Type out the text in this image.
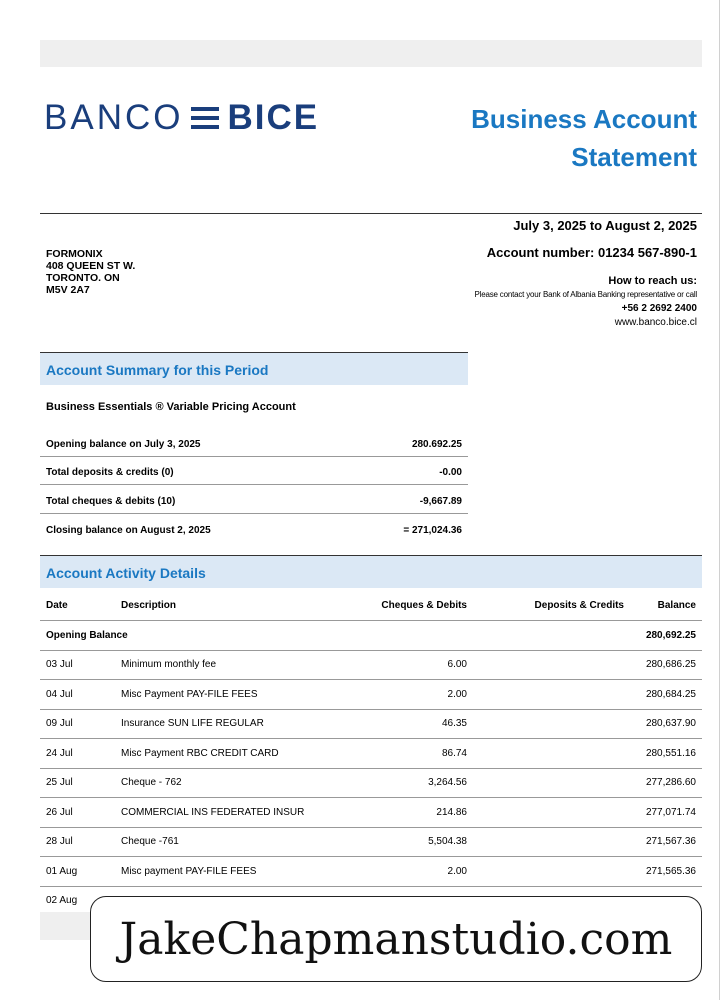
BANCO BICE	Business Account
Statement
July 3, 2025 to August 2, 2025
Account number: 01234 567-890-1
How to reach us:
Please contact your Bank of Albania Banking representative or call
+56 2 2692 2400
www.banco.bice.cl
FORMONIX
408 QUEEN ST W.
TORONTO. ON
M5V 2A7
Account Summary for this Period
Business Essentials ® Variable Pricing Account
Opening balance on July 3, 2025	280.692.25
Total deposits & credits (0)	-0.00
Total cheques & debits (10)	-9,667.89
Closing balance on August 2, 2025	= 271,024.36
Account Activity Details
Date	Description	Cheques & Debits	Deposits & Credits	Balance
Opening Balance				280,692.25
03 Jul	Minimum monthly fee	6.00		280,686.25
04 Jul	Misc Payment PAY-FILE FEES	2.00		280,684.25
09 Jul	Insurance SUN LIFE REGULAR	46.35		280,637.90
24 Jul	Misc Payment RBC CREDIT CARD	86.74		280,551.16
25 Jul	Cheque - 762	3,264.56		277,286.60
26 Jul	COMMERCIAL INS FEDERATED INSUR	214.86		277,071.74
28 Jul	Cheque -761	5,504.38		271,567.36
01 Aug	Misc payment PAY-FILE FEES	2.00		271,565.36
02 Aug				
JakeChapmanstudio.com
